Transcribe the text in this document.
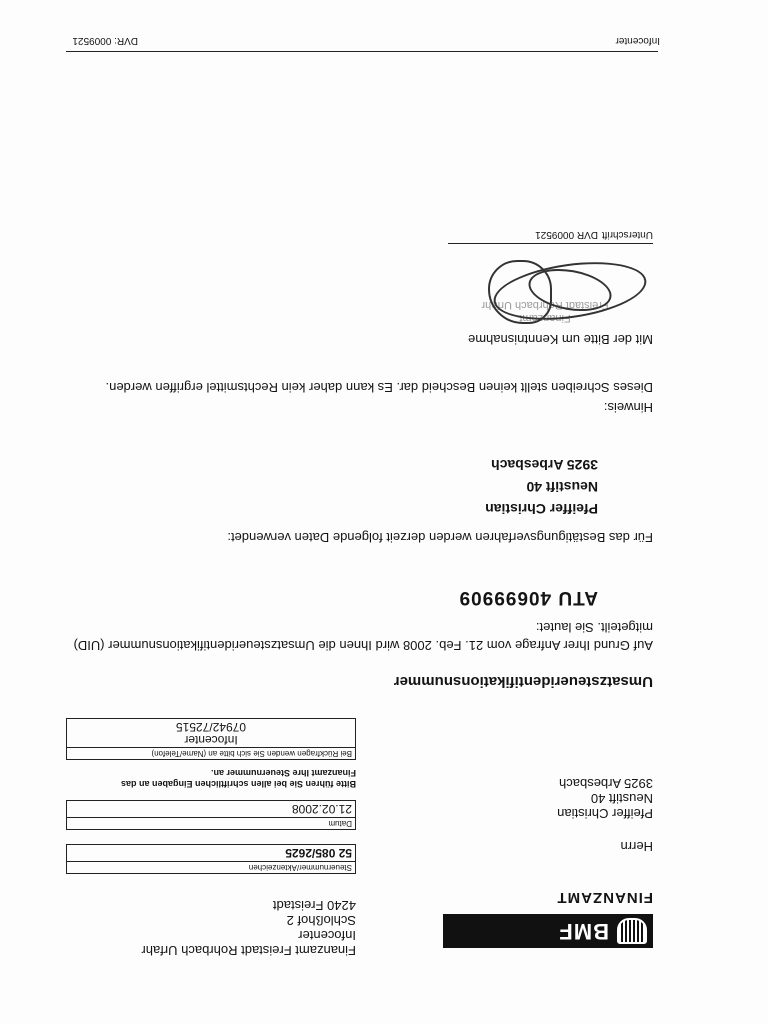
Infocenter
DVR: 0009521
BMF
FINANZAMT
Finanzamt Freistadt Rohrbach Urfahr
Infocenter
Schloßhof 2
4240 Freistadt
Herrn
Pfeiffer Christian
Neustift 40
3925 Arbesbach
Steuernummer/Aktenzeichen
52 085/2625
Datum
21.02.2008
Bitte führen Sie bei allen schriftlichen Eingaben an das Finanzamt Ihre Steuernummer an.
Bei Rückfragen wenden Sie sich bitte an (Name/Telefon)
Infocenter
07942/72515
Umsatzsteueridentifikationsnummer
Auf Grund Ihrer Anfrage vom 21. Feb. 2008 wird Ihnen die Umsatzsteueridentifikationsnummer (UID) mitgeteilt. Sie lautet:
ATU 40699909
Für das Bestätigungsverfahren werden derzeit folgende Daten verwendet:
Pfeiffer Christian
Neustift 40
3925 Arbesbach
Hinweis:
Dieses Schreiben stellt keinen Bescheid dar. Es kann daher kein Rechtsmittel ergriffen werden.
Mit der Bitte um Kenntnisnahme
Finanzamt
Freistadt Rohrbach Urfahr
Unterschrift
DVR 0009521
